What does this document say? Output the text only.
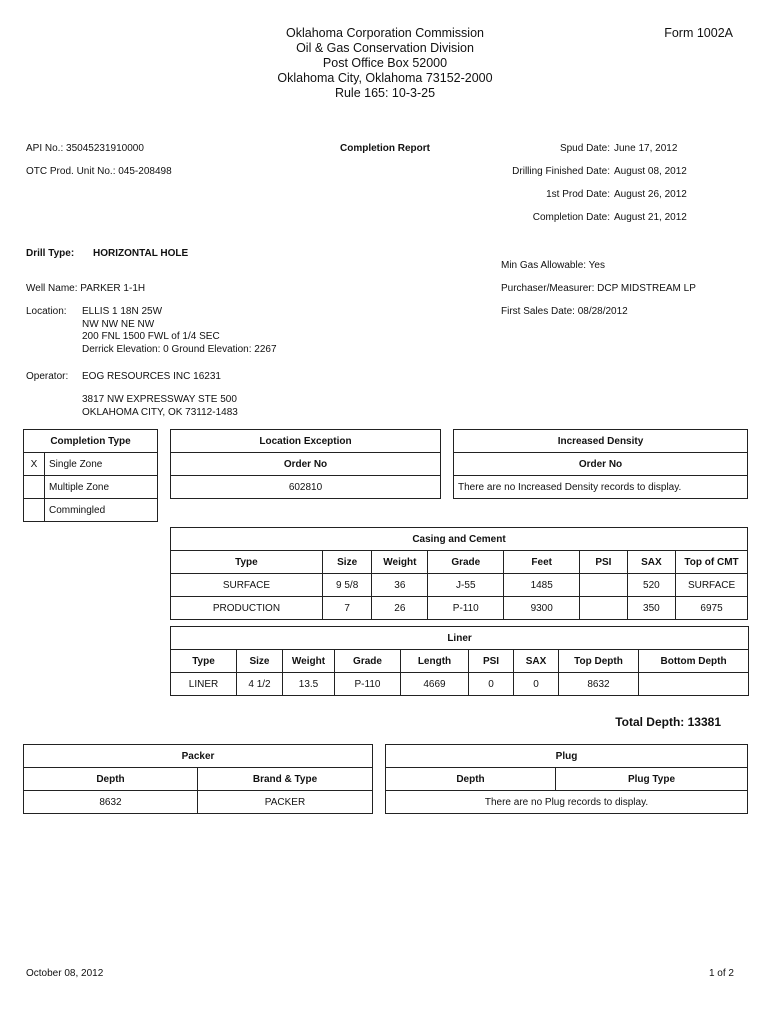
Oklahoma Corporation Commission
Oil & Gas Conservation Division
Post Office Box 52000
Oklahoma City, Oklahoma 73152-2000
Rule 165: 10-3-25
Form 1002A
API No.: 35045231910000	Completion Report
OTC Prod. Unit No.: 045-208498
Spud Date: June 17, 2012
Drilling Finished Date: August 08, 2012
1st Prod Date: August 26, 2012
Completion Date: August 21, 2012
Drill Type: HORIZONTAL HOLE
Min Gas Allowable: Yes
Well Name: PARKER 1-1H	Purchaser/Measurer: DCP MIDSTREAM LP
Location:	First Sales Date: 08/28/2012
ELLIS 1 18N 25W
NW NW NE NW
200 FNL 1500 FWL of 1/4 SEC
Derrick Elevation: 0 Ground Elevation: 2267
Operator: EOG RESOURCES INC 16231
3817 NW EXPRESSWAY STE 500
OKLAHOMA CITY, OK 73112-1483
Completion Type	
X	Single Zone
	Multiple Zone
	Commingled
Location Exception
Order No
602810
Increased Density
Order No
There are no Increased Density records to display.
Casing and Cement							
Type	Size	Weight	Grade	Feet	PSI	SAX	Top of CMT
SURFACE	9 5/8	36	J-55	1485		520	SURFACE
PRODUCTION	7	26	P-110	9300		350	6975
Liner								
Type	Size	Weight	Grade	Length	PSI	SAX	Top Depth	Bottom Depth
LINER	4 1/2	13.5	P-110	4669	0	0	8632	
Total Depth: 13381
Packer	
Depth	Brand & Type
8632	PACKER
Plug
Depth	Plug Type
There are no Plug records to display.
October 08, 2012	1 of 2
